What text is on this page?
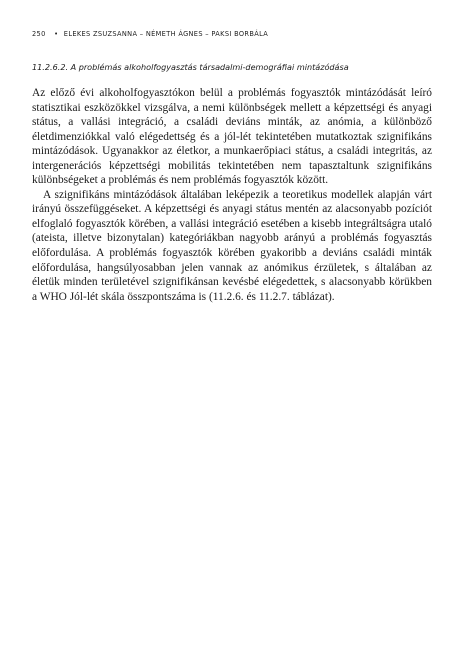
250 • ELEKES ZSUZSANNA – NÉMETH ÁGNES – PAKSI BORBÁLA
11.2.6.2. A problémás alkoholfogyasztás társadalmi-demográfiai mintázódása

Az előző évi alkoholfogyasztókon belül a problémás fogyasztók mintázódását leíró statisztikai eszközökkel vizsgálva, a nemi különbségek mellett a képzettségi és anyagi státus, a vallási integráció, a családi deviáns minták, az anómia, a különböző életdimenziókkal való elégedettség és a jól-lét tekintetében mutatkoztak szignifikáns mintázódások. Ugyanakkor az életkor, a munkaerőpiaci státus, a családi integritás, az intergenerációs képzettségi mobilitás tekintetében nem tapasztaltunk szignifikáns különbségeket a problémás és nem problémás fogyasztók között.

A szignifikáns mintázódások általában leképezik a teoretikus modellek alapján várt irányú összefüggéseket. A képzettségi és anyagi státus mentén az alacsonyabb pozíciót elfoglaló fogyasztók körében, a vallási integráció esetében a kisebb integráltságra utaló (ateista, illetve bizonytalan) kategóriákban nagyobb arányú a problémás fogyasztás előfordulása. A problémás fogyasztók körében gyakoribb a deviáns családi minták előfordulása, hangsúlyosabban jelen vannak az anómikus érzületek, s általában az életük minden területével szignifikánsan kevésbé elégedettek, s alacsonyabb körükben a WHO Jól-lét skála összpontszáma is (11.2.6. és 11.2.7. táblázat).
